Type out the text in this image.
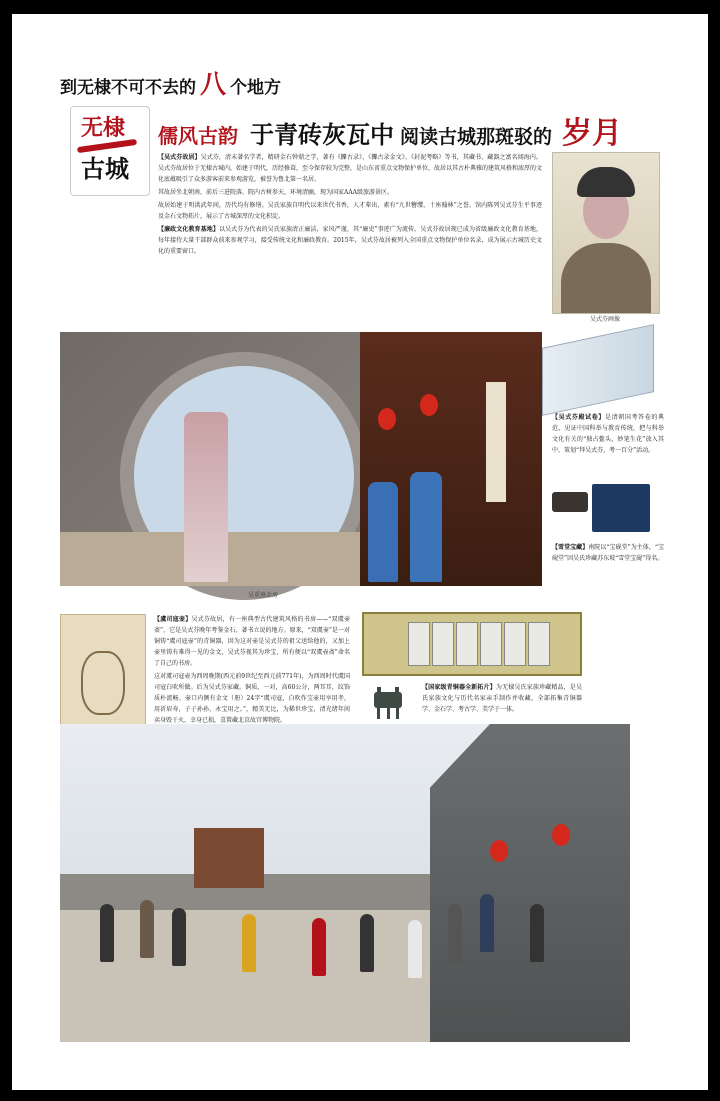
到无棣不可不去的 八 个地方
无棣
古城
儒风古韵 于青砖灰瓦中 阅读古城那斑驳的 岁月

【吴式芬故居】吴式芬，清末著名学者，精研金石钟鼎之学，著有《攈古录》、《攈古录金文》、《封泥考略》等书，其藏书、藏器之富名闻海内。吴式芬故居位于无棣古城内，始建于明代，历经修葺，至今保存较为完整，是山东省重点文物保护单位，故居以其古朴典雅的建筑风格和浓厚的文化底蕴吸引了众多游客前来参观游览，被誉为鲁北第一名居。

其故居坐北朝南，前后三进院落，院内古树参天，环境清幽，现为国家AAA级旅游景区。

故居始建于明洪武年间，历代均有修缮。吴氏家族自明代以来世代书香，人才辈出，素有“九世簪缨，十座翰林”之誉。馆内陈列吴式芬生平事迹及金石文物拓片，展示了古城深厚的文化积淀。

【廉政文化教育基地】以吴式芬为代表的吴氏家族清正廉洁，家风严谨，其“廉吏”事迹广为流传。吴式芬故居现已成为省级廉政文化教育基地，每年接待大量干部群众前来参观学习，接受传统文化和廉政教育。2015年，吴式芬故居被列入全国重点文物保护单位名录，成为展示古城历史文化的重要窗口。

吴式芬画像
吴重熹金房
【吴式芬殿试卷】是清朝国考答卷的典范，见证中国科举与教育传统，把与科举文化有关的“独占鳌头，妙笔生花”放入其中，策划“拜吴式芬，考一百分”活动。
【雪堂宝藏】南院以“宝砚堂”为主体，“宝砚堂”因吴氏珍藏苏东坡“雪堂宝砚”得名。

【虞司寇壶】吴式芬故居，有一座典型古代建筑风格的书房——“双虞壶斋”，它是吴式芬晚年考鉴金石、著书立说的地方。原来，“双虞壶”是一对铜铸“虞司寇壶”的青铜器，因为这对壶是吴式芬的祖父送给他的，又加上壶里铸有难得一见的金文，吴式芬视其为珍宝，所有便以“双虞壶斋”命名了自己的书房。

这对虞司寇壶为西周晚期(西元前9世纪至西元前771年)，为西周时代虞国司寇白吹所做。后为吴式芬家藏。铜质，一对，高60公分，两耳耳，纹饰质朴流畅。壶口内侧有金文（册）24字“虞司寇，白吹作宝壶用享用孝，用祈眉寿，子子孙孙，永宝用之。”，精美无比，为稀世珍宝，清光绪年间卖身毁于火，幸身已损，喜置藏北京故宫博物院。

【国家级青铜器全新拓片】为无棣吴氏家族珍藏精品，是吴氏家族文化与历代名家亲手制作并收藏，全部拓集青铜器学、金石学、考古学、美学于一体。
